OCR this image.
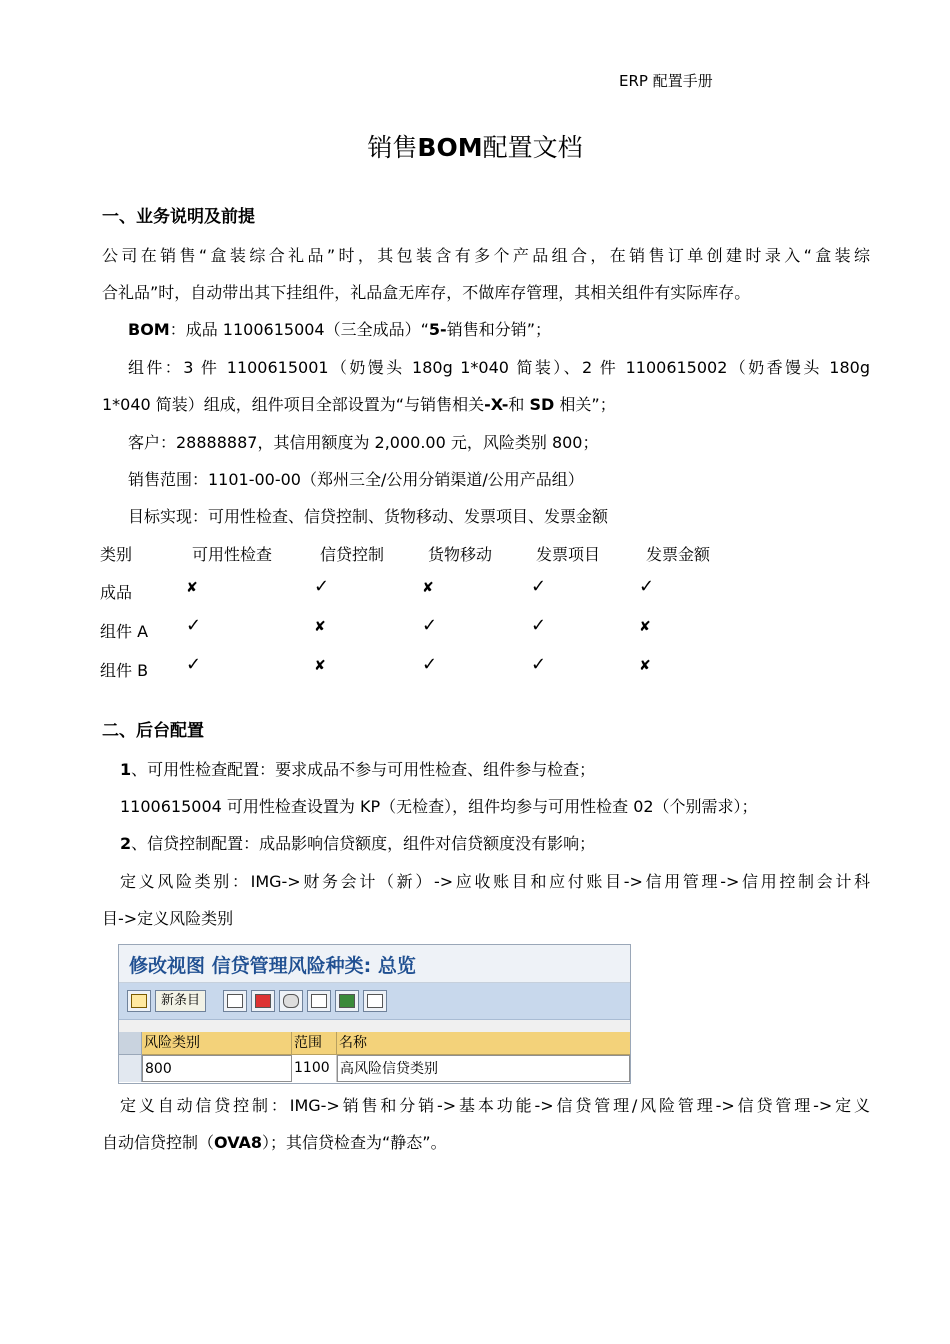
ERP 配置手册
销售BOM配置文档
一、业务说明及前提
公司在销售“盒装综合礼品”时，其包装含有多个产品组合，在销售订单创建时录入“盒装综
合礼品”时，自动带出其下挂组件，礼品盒无库存，不做库存管理，其相关组件有实际库存。
BOM：成品 1100615004（三全成品）“5-销售和分销”；
组件：3 件 1100615001（奶馒头 180g 1*040 简装）、2 件 1100615002（奶香馒头 180g
1*040 简装）组成，组件项目全部设置为“与销售相关-X-和 SD 相关”；
客户：28888887，其信用额度为 2,000.00 元，风险类别 800；
销售范围：1101-00-00（郑州三全/公用分销渠道/公用产品组）
目标实现：可用性检查、信贷控制、货物移动、发票项目、发票金额
类别	可用性检查	信贷控制	货物移动	发票项目	发票金额
成品	✘	✓	✘	✓	✓
组件 A ✓	✘	✓	✓	✘
组件 B ✓	✘	✓	✓	✘
二、后台配置
1、可用性检查配置：要求成品不参与可用性检查、组件参与检查；
1100615004 可用性检查设置为 KP（无检查），组件均参与可用性检查 02（个别需求）；
2、信贷控制配置：成品影响信贷额度，组件对信贷额度没有影响；
定义风险类别：IMG->财务会计（新）->应收账目和应付账目->信用管理->信用控制会计科
目->定义风险类别
修改视图 信贷管理风险种类: 总览
新条目
风险类别	范围	名称
800	1100 高风险信贷类别
定义自动信贷控制：IMG->销售和分销->基本功能->信贷管理/风险管理->信贷管理->定义
自动信贷控制（OVA8）；其信贷检查为“静态”。
